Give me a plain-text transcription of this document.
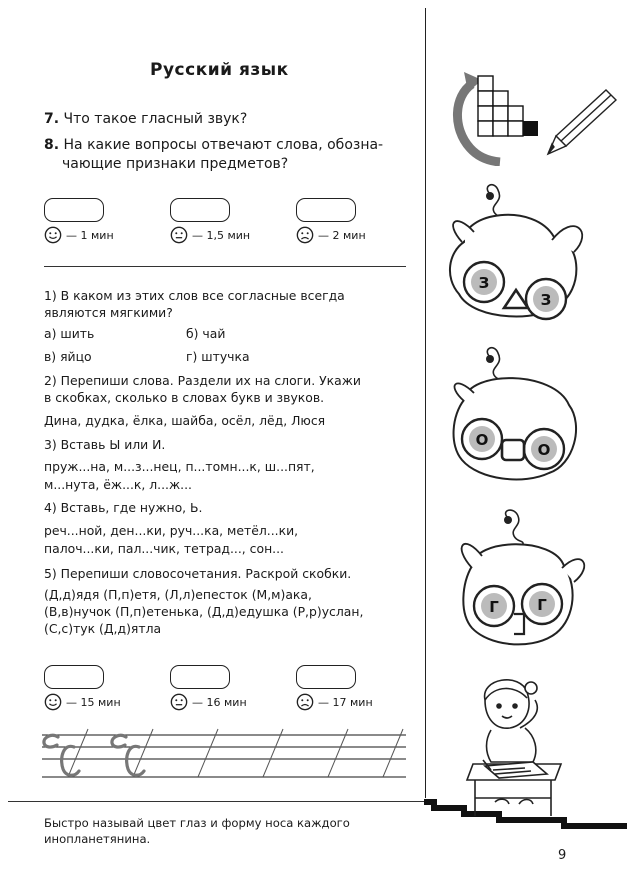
Русский язык
7. Что такое гласный звук?
8. На какие вопросы отвечают слова, обозна-
чающие признаки предметов?
— 1 мин	— 1,5 мин	— 2 мин
1) В каком из этих слов все согласные всегда
являются мягкими?
а) шить	б) чай
в) яйцо	г) штучка
2) Перепиши слова. Раздели их на слоги. Укажи
в скобках, сколько в словах букв и звуков.
Дина, дудка, ёлка, шайба, осёл, лёд, Люся
3) Вставь Ы или И.
пруж...на, м...з...нец, п...томн...к, ш...пят,
м...нута, ёж...к, л...ж...
4) Вставь, где нужно, Ь.
реч...ной, ден...ки, руч...ка, метёл...ки,
палоч...ки, пал...чик, тетрад..., сон...
5) Перепиши словосочетания. Раскрой скобки.
(Д,д)ядя (П,п)етя, (Л,л)епесток (М,м)ака,
(В,в)нучок (П,п)етенька, (Д,д)едушка (Р,р)услан,
(С,с)тук (Д,д)ятла
— 15 мин	— 16 мин	— 17 мин
Быстро называй цвет глаз и форму носа каждого
инопланетянина.
9
З
З
О
О
Г	Г
